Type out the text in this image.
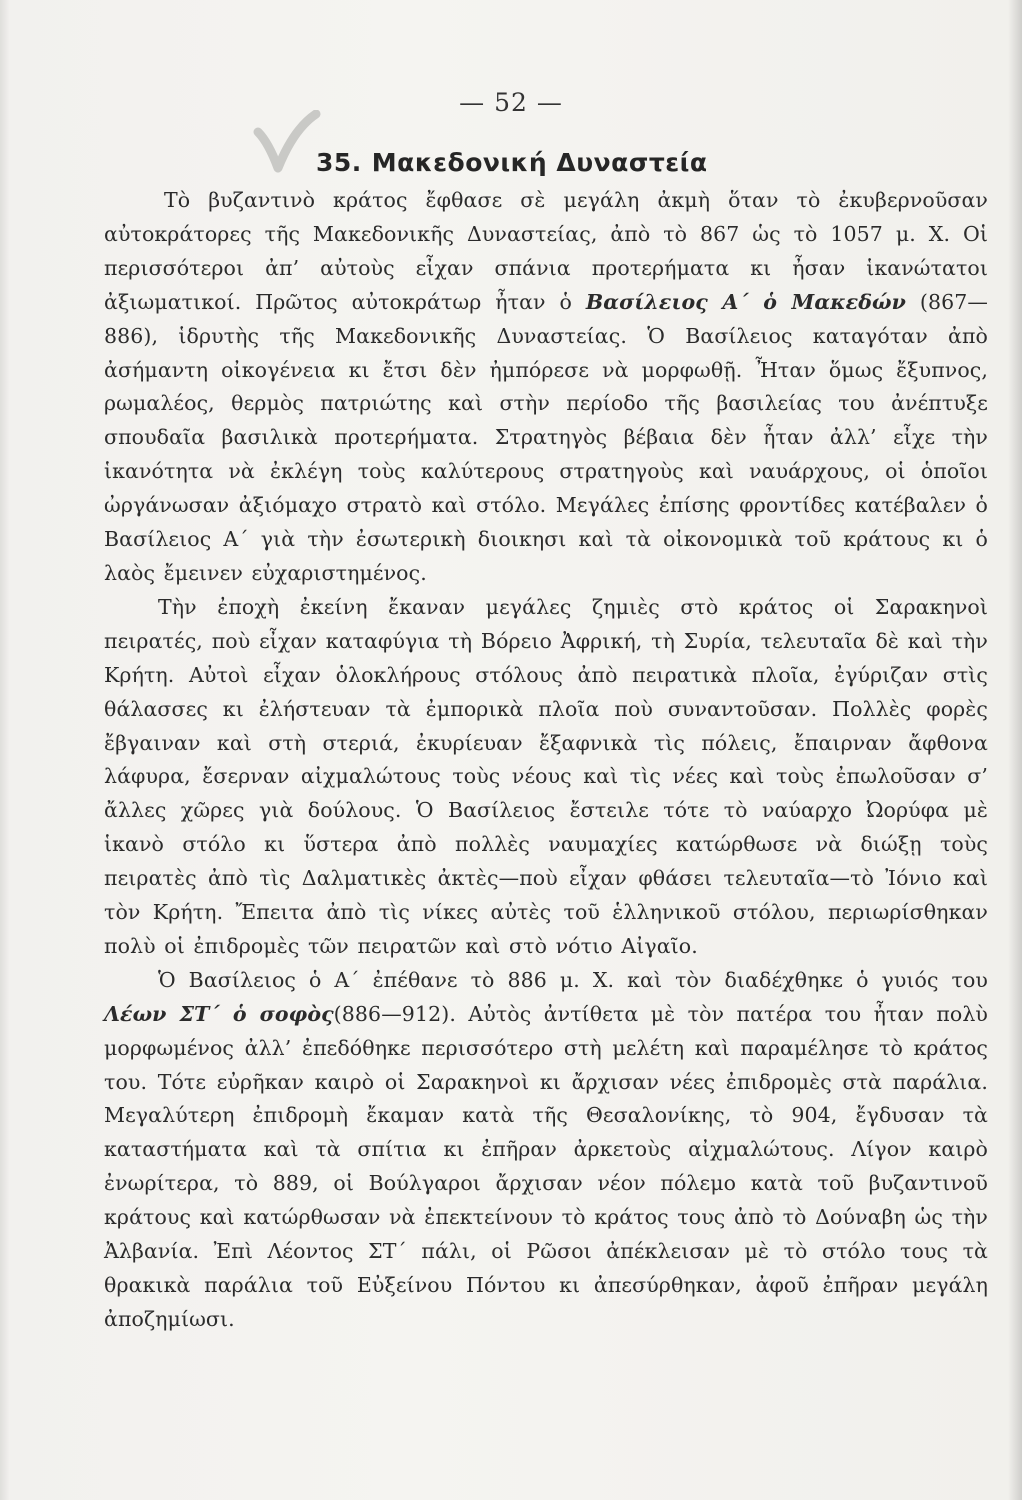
— 52 —
35. Μακεδονική Δυναστεία

Τὸ βυζαντινὸ κράτος ἔφθασε σὲ μεγάλη ἀκμὴ ὅταν τὸ ἐκυβερνοῦσαν αὐτοκράτορες τῆς Μακεδονικῆς Δυναστείας, ἀπὸ τὸ 867 ὡς τὸ 1057 μ. Χ. Οἱ περισσότεροι ἀπ’ αὐτοὺς εἶχαν σπάνια προτερήματα κι ἦσαν ἱκανώτατοι ἀξιωματικοί. Πρῶτος αὐτοκράτωρ ἦταν ὁ Βασίλειος Α΄ ὁ Μακεδών (867—886), ἱδρυτὴς τῆς Μακεδονικῆς Δυναστείας. Ὁ Βασίλειος καταγόταν ἀπὸ ἀσήμαντη οἰκογένεια κι ἔτσι δὲν ἠμπόρεσε νὰ μορφωθῇ. Ἦταν ὅμως ἔξυπνος, ρωμαλέος, θερμὸς πατριώτης καὶ στὴν περίοδο τῆς βασιλείας του ἀνέπτυξε σπουδαῖα βασιλικὰ προτερήματα. Στρατηγὸς βέβαια δὲν ἦταν ἀλλ’ εἶχε τὴν ἱκανότητα νὰ ἐκλέγη τοὺς καλύτερους στρατηγοὺς καὶ ναυάρχους, οἱ ὁποῖοι ὠργάνωσαν ἀξιόμαχο στρατὸ καὶ στόλο. Μεγάλες ἐπίσης φροντίδες κατέβαλεν ὁ Βασίλειος Α΄ γιὰ τὴν ἐσωτερικὴ διοικησι καὶ τὰ οἰκονομικὰ τοῦ κράτους κι ὁ λαὸς ἔμεινεν εὐχαριστημένος.

Τὴν ἐποχὴ ἐκείνη ἔκαναν μεγάλες ζημιὲς στὸ κράτος οἱ Σαρακηνοὶ πειρατές, ποὺ εἶχαν καταφύγια τὴ Βόρειο Ἀφρική, τὴ Συρία, τελευταῖα δὲ καὶ τὴν Κρήτη. Αὐτοὶ εἶχαν ὁλοκλήρους στόλους ἀπὸ πειρατικὰ πλοῖα, ἐγύριζαν στὶς θάλασσες κι ἐλήστευαν τὰ ἐμπορικὰ πλοῖα ποὺ συναντοῦσαν. Πολλὲς φορὲς ἔβγαιναν καὶ στὴ στεριά, ἐκυρίευαν ἔξαφνικὰ τὶς πόλεις, ἔπαιρναν ἄφθονα λάφυρα, ἔσερναν αἰχμαλώτους τοὺς νέους καὶ τὶς νέες καὶ τοὺς ἐπωλοῦσαν σ’ ἄλλες χῶρες γιὰ δούλους. Ὁ Βασίλειος ἔστειλε τότε τὸ ναύαρχο Ὠορύφα μὲ ἱκανὸ στόλο κι ὕστερα ἀπὸ πολλὲς ναυμαχίες κατώρθωσε νὰ διώξῃ τοὺς πειρατὲς ἀπὸ τὶς Δαλματικὲς ἀκτὲς—ποὺ εἶχαν φθάσει τελευταῖα—τὸ Ἰόνιο καὶ τὸν Κρήτη. Ἔπειτα ἀπὸ τὶς νίκες αὐτὲς τοῦ ἑλληνικοῦ στόλου, περιωρίσθηκαν πολὺ οἱ ἐπιδρομὲς τῶν πειρατῶν καὶ στὸ νότιο Αἰγαῖο.

Ὁ Βασίλειος ὁ Α΄ ἐπέθανε τὸ 886 μ. Χ. καὶ τὸν διαδέχθηκε ὁ γυιός του Λέων ΣΤ΄ ὁ σοφὸς(886—912). Αὐτὸς ἀντίθετα μὲ τὸν πατέρα του ἦταν πολὺ μορφωμένος ἀλλ’ ἐπεδόθηκε περισσότερο στὴ μελέτη καὶ παραμέλησε τὸ κράτος του. Τότε εὐρῆκαν καιρὸ οἱ Σαρακηνοὶ κι ἄρχισαν νέες ἐπιδρομὲς στὰ παράλια. Μεγαλύτερη ἐπιδρομὴ ἔκαμαν κατὰ τῆς Θεσαλονίκης, τὸ 904, ἔγδυσαν τὰ καταστήματα καὶ τὰ σπίτια κι ἐπῆραν ἀρκετοὺς αἰχμαλώτους. Λίγον καιρὸ ἐνωρίτερα, τὸ 889, οἱ Βούλγαροι ἄρχισαν νέον πόλεμο κατὰ τοῦ βυζαντινοῦ κράτους καὶ κατώρθωσαν νὰ ἐπεκτείνουν τὸ κράτος τους ἀπὸ τὸ Δούναβη ὡς τὴν Ἀλβανία. Ἐπὶ Λέοντος ΣΤ΄ πάλι, οἱ Ρῶσοι ἀπέκλεισαν μὲ τὸ στόλο τους τὰ θρακικὰ παράλια τοῦ Εὐξείνου Πόντου κι ἀπεσύρθηκαν, ἀφοῦ ἐπῆραν μεγάλη ἀποζημίωσι.
